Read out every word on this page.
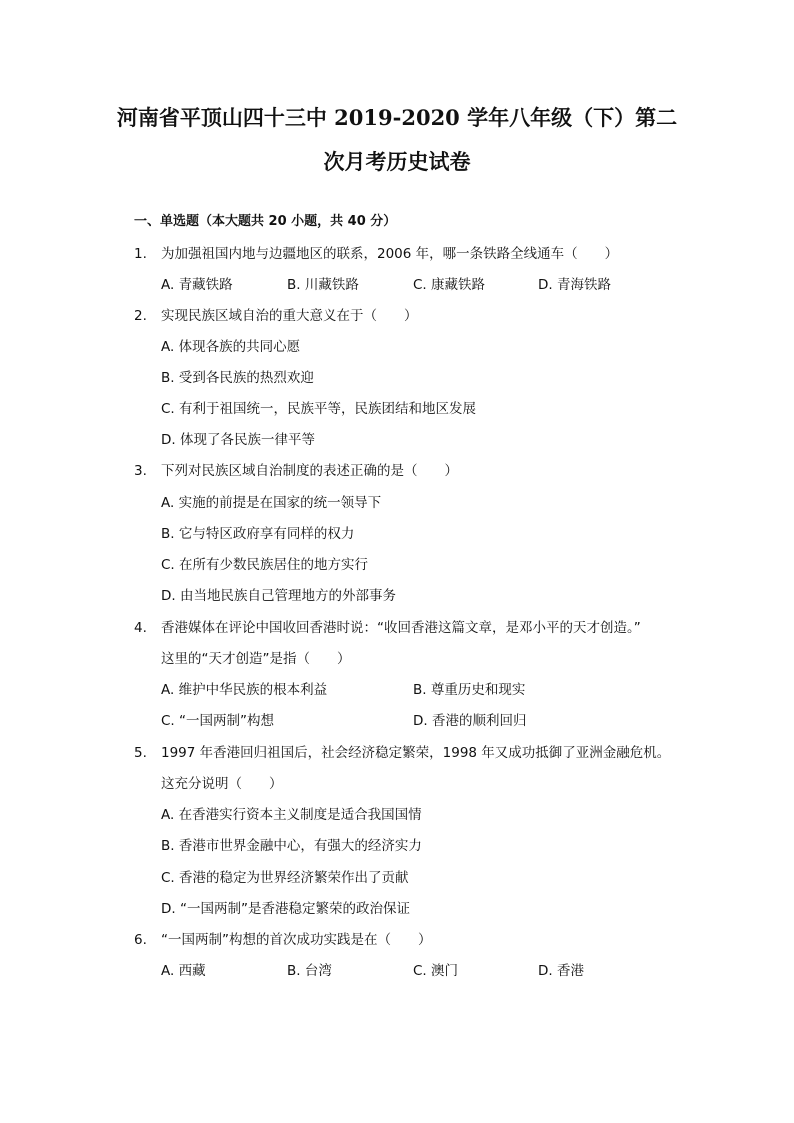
河南省平顶山四十三中 2019-2020 学年八年级（下）第二
次月考历史试卷
一、单选题（本大题共 20 小题，共 40 分）
1. 为加强祖国内地与边疆地区的联系，2006 年，哪一条铁路全线通车（　　）
A. 青藏铁路	B. 川藏铁路	C. 康藏铁路	D. 青海铁路
2. 实现民族区域自治的重大意义在于（　　）
A. 体现各族的共同心愿
B. 受到各民族的热烈欢迎
C. 有利于祖国统一，民族平等，民族团结和地区发展
D. 体现了各民族一律平等
3. 下列对民族区域自治制度的表述正确的是（　　）
A. 实施的前提是在国家的统一领导下
B. 它与特区政府享有同样的权力
C. 在所有少数民族居住的地方实行
D. 由当地民族自己管理地方的外部事务
4. 香港媒体在评论中国收回香港时说：“收回香港这篇文章，是邓小平的天才创造。”
这里的“天才创造”是指（　　）
A. 维护中华民族的根本利益	B. 尊重历史和现实
C. “一国两制”构想	D. 香港的顺利回归
5. 1997 年香港回归祖国后，社会经济稳定繁荣，1998 年又成功抵御了亚洲金融危机。
这充分说明（　　）
A. 在香港实行资本主义制度是适合我国国情
B. 香港市世界金融中心，有强大的经济实力
C. 香港的稳定为世界经济繁荣作出了贡献
D. “一国两制”是香港稳定繁荣的政治保证
6. “一国两制”构想的首次成功实践是在（　　）
A. 西藏	B. 台湾	C. 澳门	D. 香港
